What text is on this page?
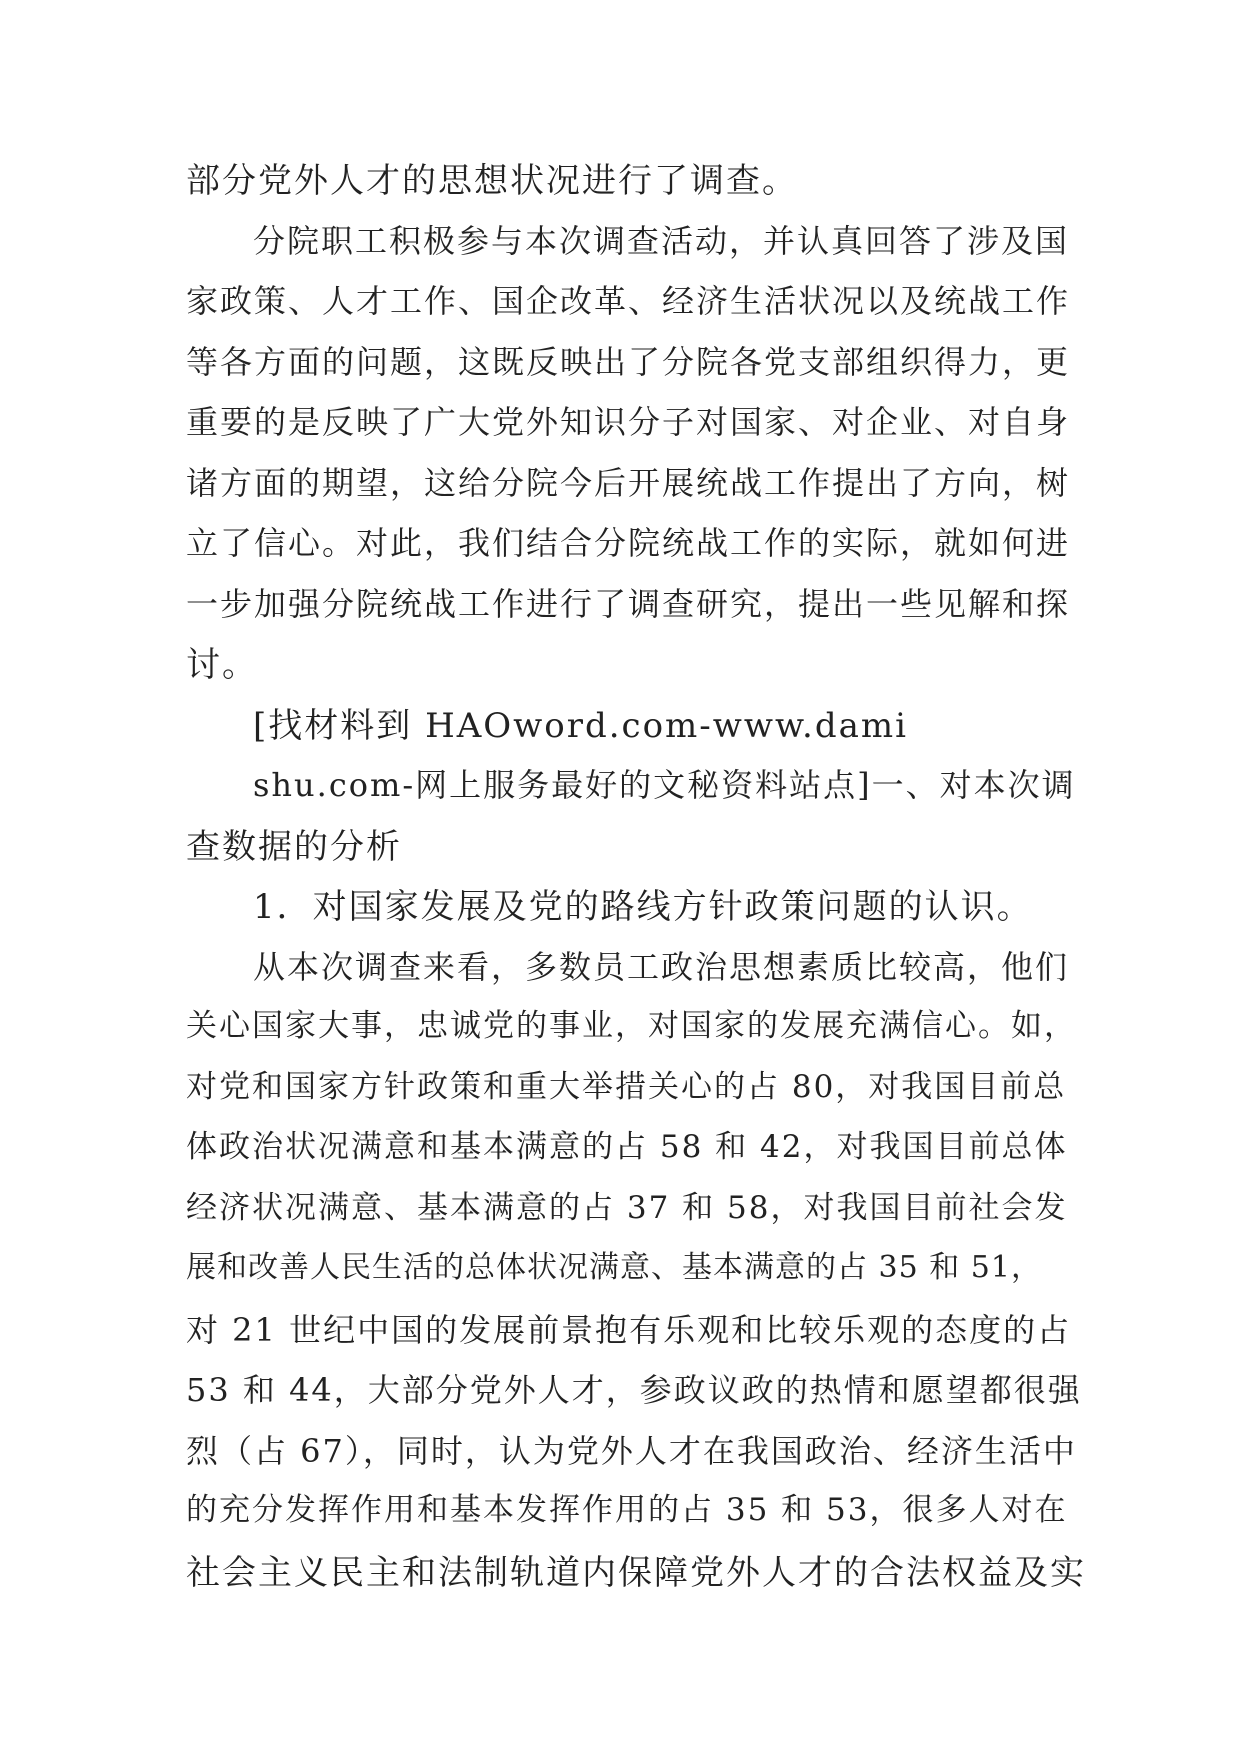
部分党外人才的思想状况进行了调查。
分院职工积极参与本次调查活动，并认真回答了涉及国
家政策、人才工作、国企改革、经济生活状况以及统战工作
等各方面的问题，这既反映出了分院各党支部组织得力，更
重要的是反映了广大党外知识分子对国家、对企业、对自身
诸方面的期望，这给分院今后开展统战工作提出了方向，树
立了信心。对此，我们结合分院统战工作的实际，就如何进
一步加强分院统战工作进行了调查研究，提出一些见解和探
讨。
[找材料到 HAOword.com-www.dami
shu.com-网上服务最好的文秘资料站点]一、对本次调
查数据的分析
1．对国家发展及党的路线方针政策问题的认识。
从本次调查来看，多数员工政治思想素质比较高，他们
关心国家大事，忠诚党的事业，对国家的发展充满信心。如，
对党和国家方针政策和重大举措关心的占 80，对我国目前总
体政治状况满意和基本满意的占 58 和 42，对我国目前总体
经济状况满意、基本满意的占 37 和 58，对我国目前社会发
展和改善人民生活的总体状况满意、基本满意的占 35 和 51，
对 21 世纪中国的发展前景抱有乐观和比较乐观的态度的占
53 和 44，大部分党外人才，参政议政的热情和愿望都很强
烈（占 67），同时，认为党外人才在我国政治、经济生活中
的充分发挥作用和基本发挥作用的占 35 和 53，很多人对在
社会主义民主和法制轨道内保障党外人才的合法权益及实
